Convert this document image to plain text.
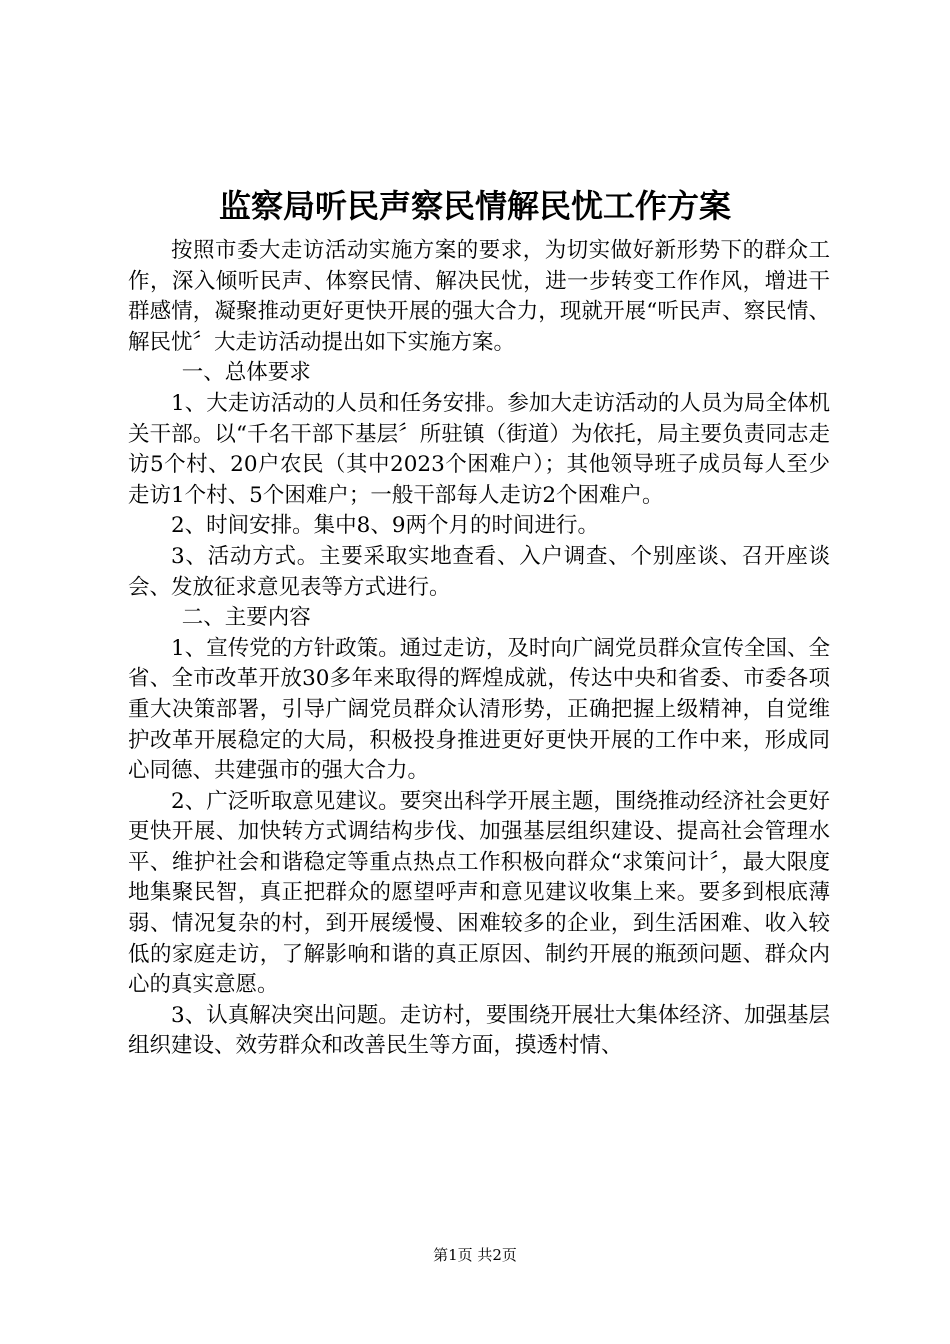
监察局听民声察民情解民忧工作方案

按照市委大走访活动实施方案的要求，为切实做好新形势下的群众工作，深入倾听民声、体察民情、解决民忧，进一步转变工作作风，增进干群感情，凝聚推动更好更快开展的强大合力，现就开展“听民声、察民情、解民忧〞大走访活动提出如下实施方案。

一、总体要求

1、大走访活动的人员和任务安排。参加大走访活动的人员为局全体机关干部。以“千名干部下基层〞所驻镇（街道）为依托，局主要负责同志走访5个村、20户农民（其中2023个困难户）；其他领导班子成员每人至少走访1个村、5个困难户；一般干部每人走访2个困难户。

2、时间安排。集中8、9两个月的时间进行。

3、活动方式。主要采取实地查看、入户调查、个别座谈、召开座谈会、发放征求意见表等方式进行。

二、主要内容

1、宣传党的方针政策。通过走访，及时向广阔党员群众宣传全国、全省、全市改革开放30多年来取得的辉煌成就，传达中央和省委、市委各项重大决策部署，引导广阔党员群众认清形势，正确把握上级精神，自觉维护改革开展稳定的大局，积极投身推进更好更快开展的工作中来，形成同心同德、共建强市的强大合力。

2、广泛听取意见建议。要突出科学开展主题，围绕推动经济社会更好更快开展、加快转方式调结构步伐、加强基层组织建设、提高社会管理水平、维护社会和谐稳定等重点热点工作积极向群众“求策问计〞，最大限度地集聚民智，真正把群众的愿望呼声和意见建议收集上来。要多到根底薄弱、情况复杂的村，到开展缓慢、困难较多的企业，到生活困难、收入较低的家庭走访，了解影响和谐的真正原因、制约开展的瓶颈问题、群众内心的真实意愿。

3、认真解决突出问题。走访村，要围绕开展壮大集体经济、加强基层组织建设、效劳群众和改善民生等方面，摸透村情、

第1页 共2页
